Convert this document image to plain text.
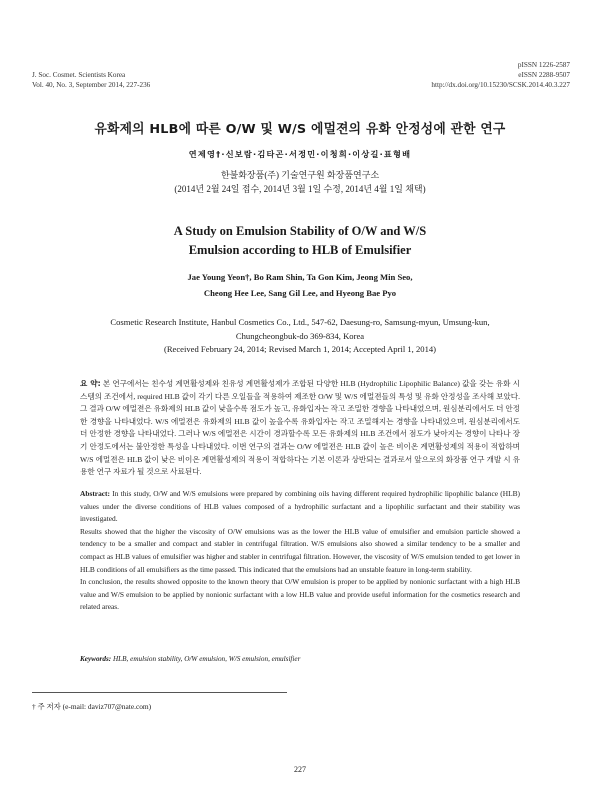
J. Soc. Cosmet. Scientists Korea
Vol. 40, No. 3, September 2014, 227-236
pISSN 1226-2587
eISSN 2288-9507
http://dx.doi.org/10.15230/SCSK.2014.40.3.227
유화제의 HLB에 따른 O/W 및 W/S 에멀젼의 유화 안정성에 관한 연구
연제영†·신보람·김타곤·서정민·이청희·이상길·표형배
한불화장품(주) 기술연구원 화장품연구소
(2014년 2월 24일 접수, 2014년 3월 1일 수정, 2014년 4월 1일 채택)
A Study on Emulsion Stability of O/W and W/S
Emulsion according to HLB of Emulsifier
Jae Young Yeon†, Bo Ram Shin, Ta Gon Kim, Jeong Min Seo,
Cheong Hee Lee, Sang Gil Lee, and Hyeong Bae Pyo
Cosmetic Research Institute, Hanbul Cosmetics Co., Ltd., 547-62, Daesung-ro, Samsung-myun, Umsung-kun,
Chungcheongbuk-do 369-834, Korea
(Received February 24, 2014; Revised March 1, 2014; Accepted April 1, 2014)
요 약: 본 연구에서는 친수성 계면활성제와 친유성 계면활성제가 조합된 다양한 HLB (Hydrophilic Lipophilic Balance) 값을 갖는 유화 시스템의 조건에서, required HLB 값이 각기 다른 오일들을 적용하여 제조한 O/W 및 W/S 에멀젼들의 특성 및 유화 안정성을 조사해 보았다. 그 결과 O/W 에멀젼은 유화제의 HLB 값이 낮을수록 점도가 높고, 유화입자는 작고 조밀한 경향을 나타내었으며, 원심분리에서도 더 안정한 경향을 나타내었다. W/S 에멀젼은 유화제의 HLB 값이 높을수록 유화입자는 작고 조밀해지는 경향을 나타내었으며, 원심분리에서도 더 안정한 경향을 나타내었다. 그러나 W/S 에멀젼은 시간이 경과할수록 모든 유화제의 HLB 조건에서 점도가 낮아지는 경향이 나타나 장기 안정도에서는 불안정한 특성을 나타내었다. 이번 연구의 결과는 O/W 에멀젼은 HLB 값이 높은 비이온 계면활성제의 적용이 적합하며 W/S 에멀젼은 HLB 값이 낮은 비이온 계면활성제의 적용이 적합하다는 기본 이론과 상반되는 결과로서 앞으로의 화장품 연구 개발 시 유용한 연구 자료가 될 것으로 사료된다.

Abstract: In this study, O/W and W/S emulsions were prepared by combining oils having different required hydrophilic lipophilic balance (HLB) values under the diverse conditions of HLB values composed of a hydrophilic surfactant and a lipophilic surfactant and their stability was investigated.

Results showed that the higher the viscosity of O/W emulsions was as the lower the HLB value of emulsifier and emulsion particle showed a tendency to be a smaller and compact and stabler in centrifugal filtration. W/S emulsions also showed a similar tendency to be a smaller and compact as HLB values of emulsifier was higher and stabler in centrifugal filtration. However, the viscosity of W/S emulsion tended to get lower in HLB conditions of all emulsifiers as the time passed. This indicated that the emulsions had an unstable feature in long-term stability.

In conclusion, the results showed opposite to the known theory that O/W emulsion is proper to be applied by nonionic surfactant with a high HLB value and W/S emulsion to be applied by nonionic surfactant with a low HLB value and provide useful information for the cosmetics research and related areas.

Keywords: HLB, emulsion stability, O/W emulsion, W/S emulsion, emulsifier
† 주 저자 (e-mail: daviz707@nate.com)
227
